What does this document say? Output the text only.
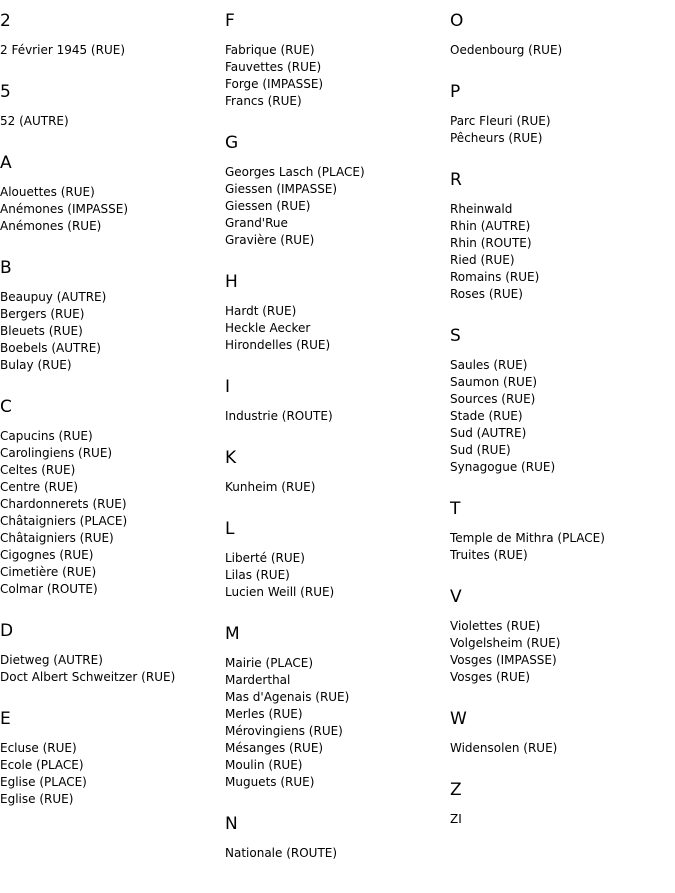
2
2 Février 1945 (RUE)
5
52 (AUTRE)
A
Alouettes (RUE)
Anémones (IMPASSE)
Anémones (RUE)
B
Beaupuy (AUTRE)
Bergers (RUE)
Bleuets (RUE)
Boebels (AUTRE)
Bulay (RUE)
C
Capucins (RUE)
Carolingiens (RUE)
Celtes (RUE)
Centre (RUE)
Chardonnerets (RUE)
Châtaigniers (PLACE)
Châtaigniers (RUE)
Cigognes (RUE)
Cimetière (RUE)
Colmar (ROUTE)
D
Dietweg (AUTRE)
Doct Albert Schweitzer (RUE)
E
Ecluse (RUE)
Ecole (PLACE)
Eglise (PLACE)
Eglise (RUE)
F
Fabrique (RUE)
Fauvettes (RUE)
Forge (IMPASSE)
Francs (RUE)
G
Georges Lasch (PLACE)
Giessen (IMPASSE)
Giessen (RUE)
Grand'Rue
Gravière (RUE)
H
Hardt (RUE)
Heckle Aecker
Hirondelles (RUE)
I
Industrie (ROUTE)
K
Kunheim (RUE)
L
Liberté (RUE)
Lilas (RUE)
Lucien Weill (RUE)
M
Mairie (PLACE)
Marderthal
Mas d'Agenais (RUE)
Merles (RUE)
Mérovingiens (RUE)
Mésanges (RUE)
Moulin (RUE)
Muguets (RUE)
N
Nationale (ROUTE)
O
Oedenbourg (RUE)
P
Parc Fleuri (RUE)
Pêcheurs (RUE)
R
Rheinwald
Rhin (AUTRE)
Rhin (ROUTE)
Ried (RUE)
Romains (RUE)
Roses (RUE)
S
Saules (RUE)
Saumon (RUE)
Sources (RUE)
Stade (RUE)
Sud (AUTRE)
Sud (RUE)
Synagogue (RUE)
T
Temple de Mithra (PLACE)
Truites (RUE)
V
Violettes (RUE)
Volgelsheim (RUE)
Vosges (IMPASSE)
Vosges (RUE)
W
Widensolen (RUE)
Z
ZI
